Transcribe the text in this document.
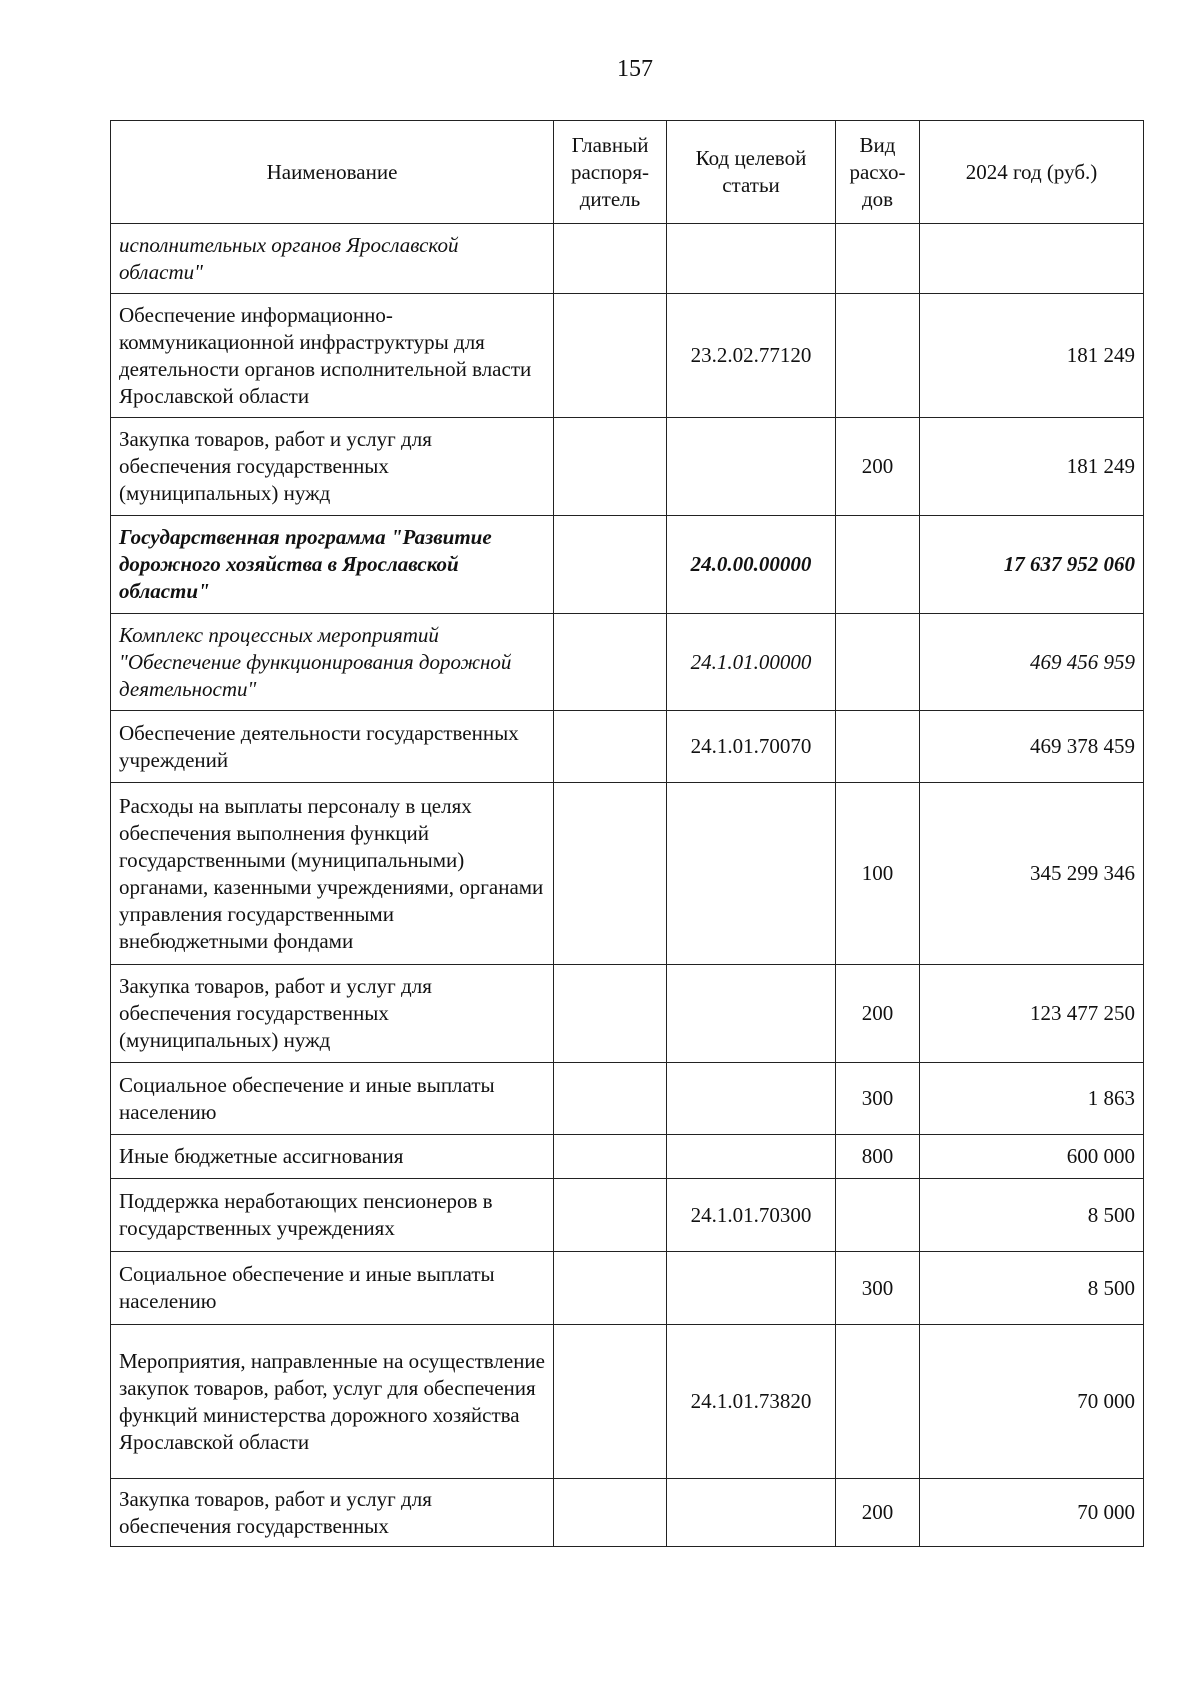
157
Наименование	Главный распоря-дитель	Код целевой статьи	Вид расхо-дов	2024 год (руб.)
исполнительных органов Ярославской области"				
Обеспечение информационно-коммуникационной инфраструктуры для деятельности органов исполнительной власти Ярославской области		23.2.02.77120		181 249
Закупка товаров, работ и услуг для обеспечения государственных (муниципальных) нужд			200	181 249
Государственная программа "Развитие дорожного хозяйства в Ярославской области"		24.0.00.00000		17 637 952 060
Комплекс процессных мероприятий "Обеспечение функционирования дорожной деятельности"		24.1.01.00000		469 456 959
Обеспечение деятельности государственных учреждений		24.1.01.70070		469 378 459
Расходы на выплаты персоналу в целях обеспечения выполнения функций государственными (муниципальными) органами, казенными учреждениями, органами управления государственными внебюджетными фондами			100	345 299 346
Закупка товаров, работ и услуг для обеспечения государственных (муниципальных) нужд			200	123 477 250
Социальное обеспечение и иные выплаты населению			300	1 863
Иные бюджетные ассигнования			800	600 000
Поддержка неработающих пенсионеров в государственных учреждениях		24.1.01.70300		8 500
Социальное обеспечение и иные выплаты населению			300	8 500
Мероприятия, направленные на осуществление закупок товаров, работ, услуг для обеспечения функций министерства дорожного хозяйства Ярославской области		24.1.01.73820		70 000
Закупка товаров, работ и услуг для обеспечения государственных			200	70 000
